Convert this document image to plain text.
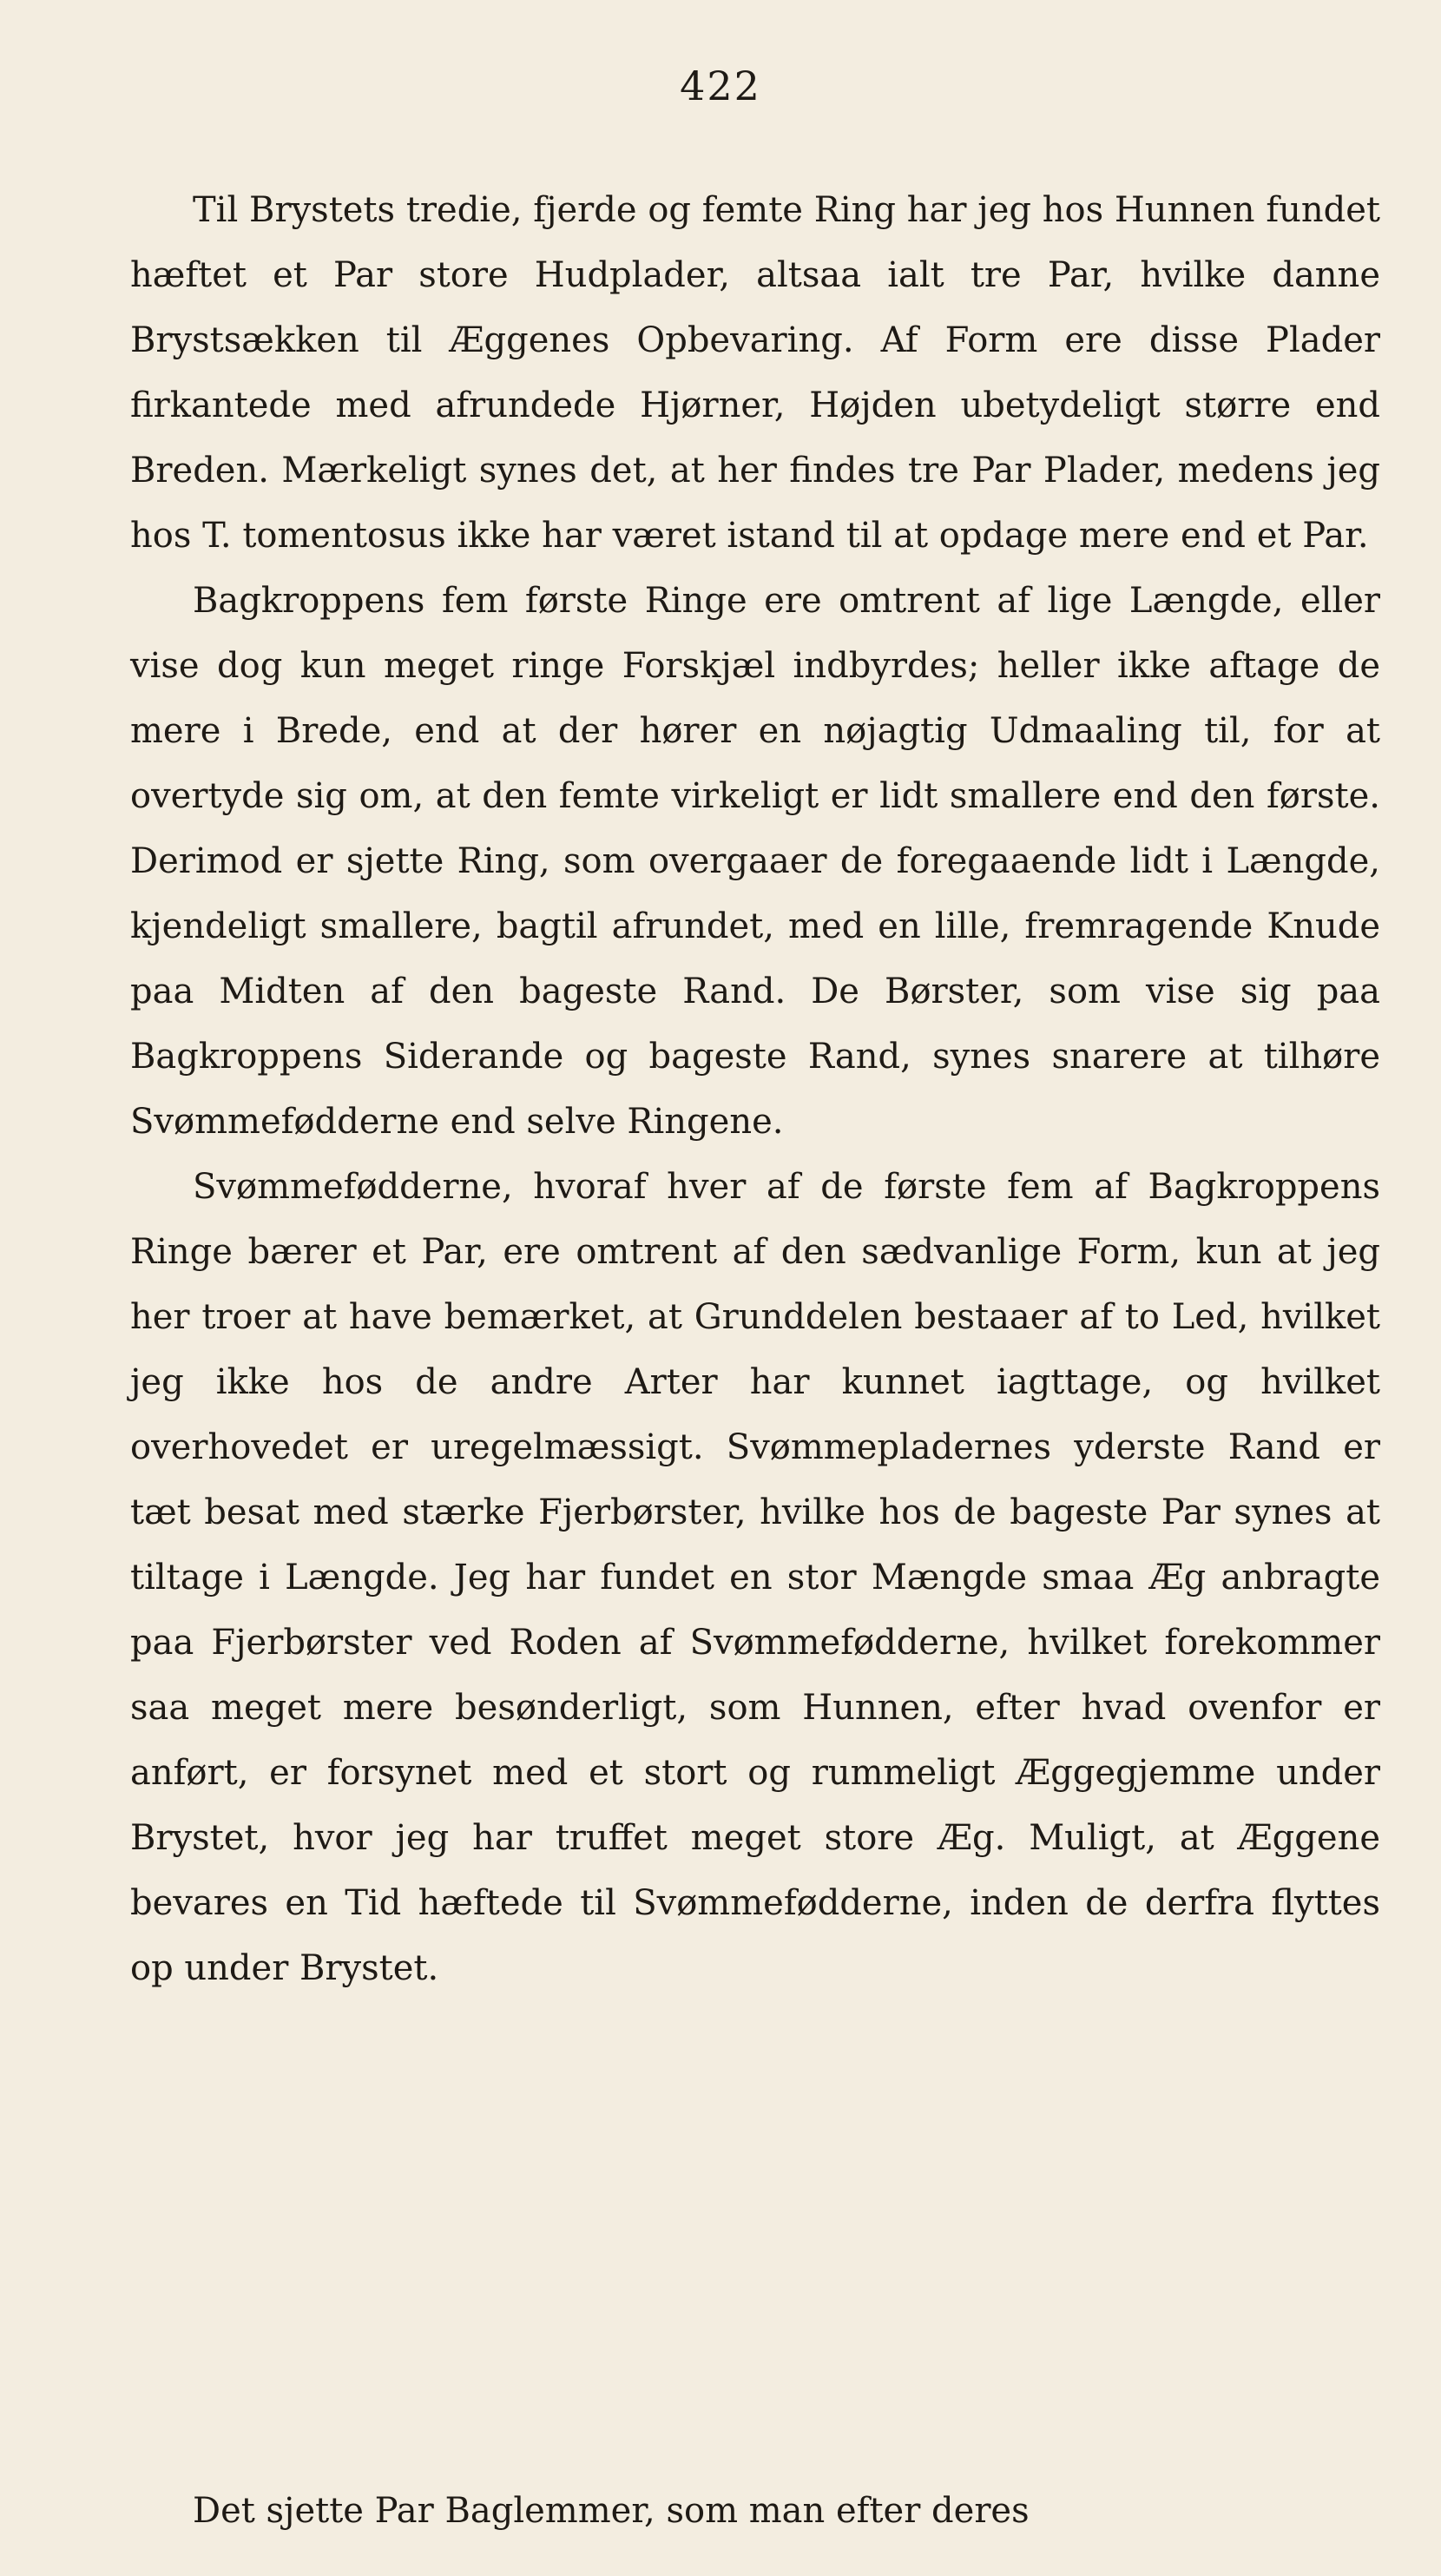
422

Til Brystets tredie, fjerde og femte Ring har jeg hos Hunnen fundet hæftet et Par store Hudplader, altsaa ialt tre Par, hvilke danne Brystsækken til Æggenes Opbevaring. Af Form ere disse Plader firkantede med afrundede Hjørner, Højden ubetydeligt større end Breden. Mærkeligt synes det, at her findes tre Par Plader, medens jeg hos T. tomentosus ikke har været istand til at opdage mere end et Par.

Bagkroppens fem første Ringe ere omtrent af lige Længde, eller vise dog kun meget ringe Forskjæl indbyrdes; heller ikke aftage de mere i Brede, end at der hører en nøjagtig Udmaaling til, for at overtyde sig om, at den femte virkeligt er lidt smallere end den første. Derimod er sjette Ring, som overgaaer de foregaaende lidt i Længde, kjendeligt smallere, bagtil afrundet, med en lille, fremragende Knude paa Midten af den bageste Rand. De Børster, som vise sig paa Bagkroppens Siderande og bageste Rand, synes snarere at tilhøre Svømmefødderne end selve Ringene.

Svømmefødderne, hvoraf hver af de første fem af Bagkroppens Ringe bærer et Par, ere omtrent af den sædvanlige Form, kun at jeg her troer at have bemærket, at Grunddelen bestaaer af to Led, hvilket jeg ikke hos de andre Arter har kunnet iagttage, og hvilket overhovedet er uregelmæssigt. Svømmepladernes yderste Rand er tæt besat med stærke Fjerbørster, hvilke hos de bageste Par synes at tiltage i Længde. Jeg har fundet en stor Mængde smaa Æg anbragte paa Fjerbørster ved Roden af Svømmefødderne, hvilket forekommer saa meget mere besønderligt, som Hunnen, efter hvad ovenfor er anført, er forsynet med et stort og rummeligt Æggegjemme under Brystet, hvor jeg har truffet meget store Æg. Muligt, at Æggene bevares en Tid hæftede til Svømmefødderne, inden de derfra flyttes op under Brystet.

Det sjette Par Baglemmer, som man efter deres
